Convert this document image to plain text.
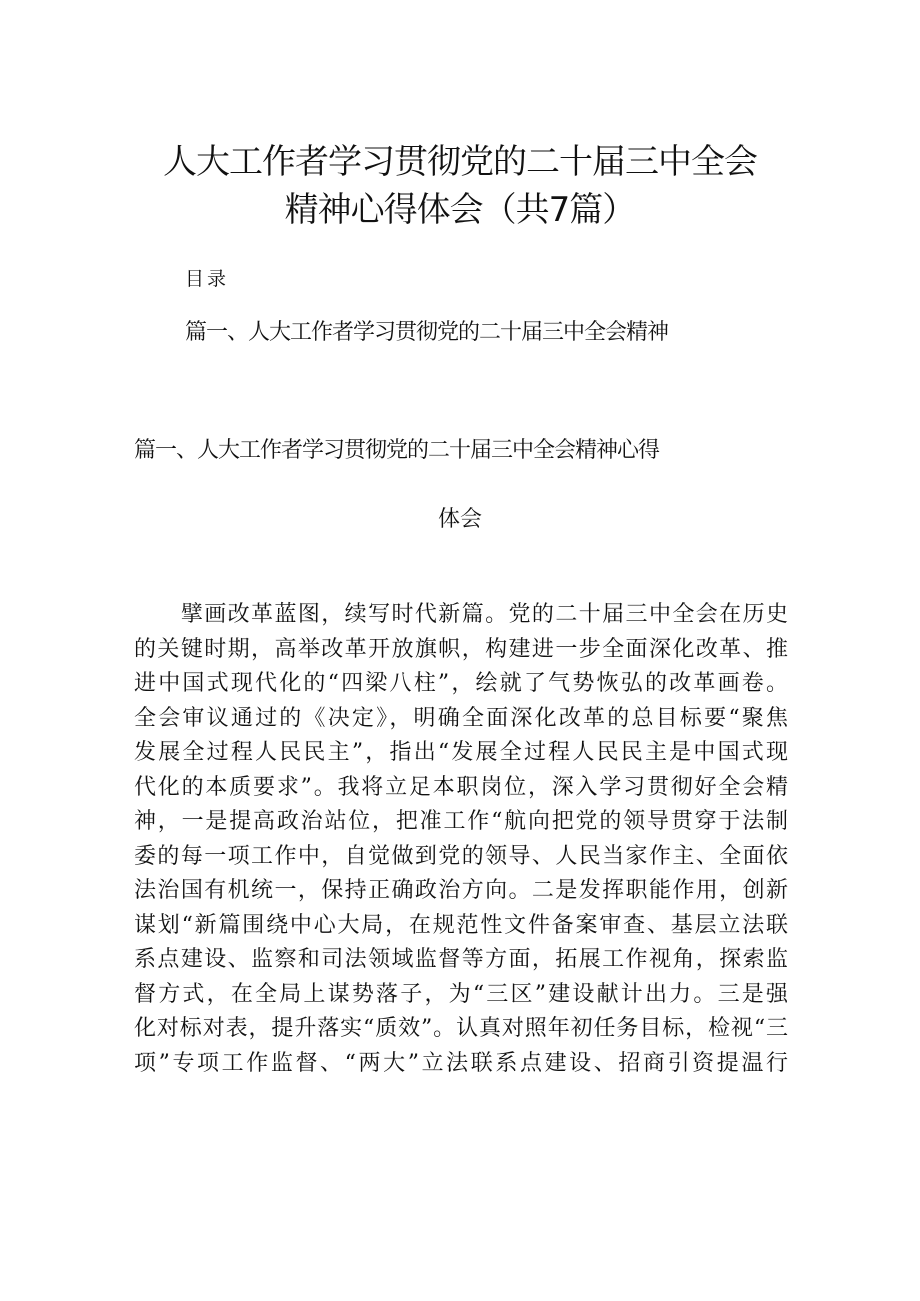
人大工作者学习贯彻党的二十届三中全会
精神心得体会（共7篇）
目录
篇一、人大工作者学习贯彻党的二十届三中全会精神
篇一、人大工作者学习贯彻党的二十届三中全会精神心得
体会
　　擘画改革蓝图，续写时代新篇。党的二十届三中全会在历史
的关键时期，高举改革开放旗帜，构建进一步全面深化改革、推
进中国式现代化的“四梁八柱”，绘就了气势恢弘的改革画卷。
全会审议通过的《决定》，明确全面深化改革的总目标要“聚焦
发展全过程人民民主”，指出“发展全过程人民民主是中国式现
代化的本质要求”。我将立足本职岗位，深入学习贯彻好全会精
神，一是提高政治站位，把准工作“航向把党的领导贯穿于法制
委的每一项工作中，自觉做到党的领导、人民当家作主、全面依
法治国有机统一，保持正确政治方向。二是发挥职能作用，创新
谋划“新篇围绕中心大局，在规范性文件备案审查、基层立法联
系点建设、监察和司法领域监督等方面，拓展工作视角，探索监
督方式，在全局上谋势落子，为“三区”建设献计出力。三是强
化对标对表，提升落实“质效”。认真对照年初任务目标，检视“三
项”专项工作监督、“两大”立法联系点建设、招商引资提温行
